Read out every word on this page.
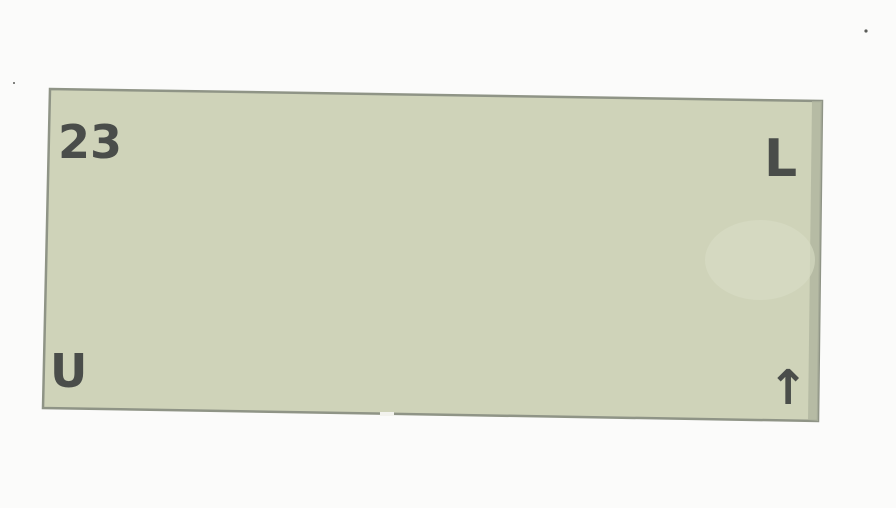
23	L
U	↑
